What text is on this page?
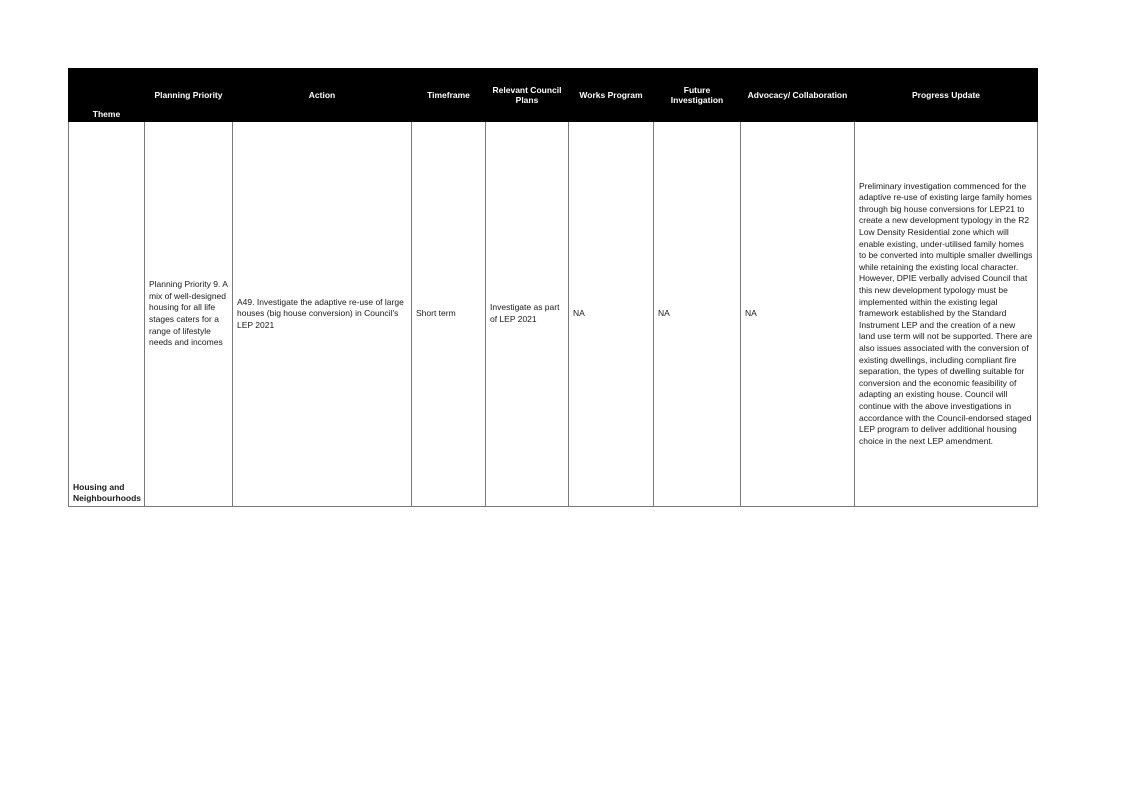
Theme	Planning Priority	Action	Timeframe	Relevant Council Plans	Works Program	Future Investigation	Advocacy/ Collaboration	Progress Update
Housing and Neighbourhoods	Planning Priority 9. A mix of well-designed housing for all life stages caters for a range of lifestyle needs and incomes	A49. Investigate the adaptive re-use of large houses (big house conversion) in Council's LEP 2021	Short term	Investigate as part of LEP 2021	NA	NA	NA	Preliminary investigation commenced for the adaptive re-use of existing large family homes through big house conversions for LEP21 to create a new development typology in the R2 Low Density Residential zone which will enable existing, under-utilised family homes to be converted into multiple smaller dwellings while retaining the existing local character.
However, DPIE verbally advised Council that this new development typology must be implemented within the existing legal framework established by the Standard Instrument LEP and the creation of a new land use term will not be supported. There are also issues associated with the conversion of existing dwellings, including compliant fire separation, the types of dwelling suitable for conversion and the economic feasibility of adapting an existing house. Council will continue with the above investigations in accordance with the Council-endorsed staged LEP program to deliver additional housing choice in the next LEP amendment.
